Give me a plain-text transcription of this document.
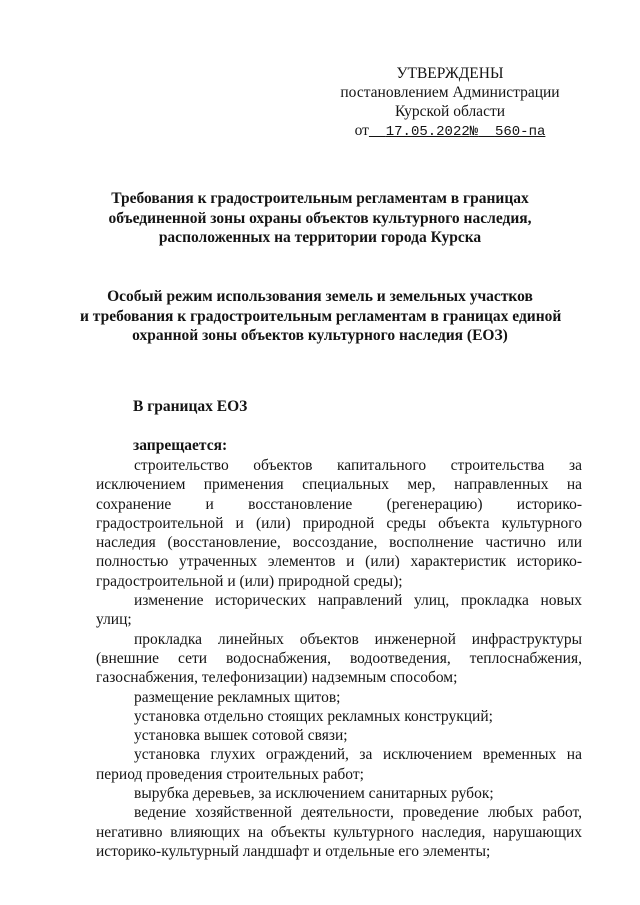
УТВЕРЖДЕНЫ
постановлением Администрации
Курской области
от 17.05.2022№ 560-па
Требования к градостроительным регламентам в границах
объединенной зоны охраны объектов культурного наследия,
расположенных на территории города Курска
Особый режим использования земель и земельных участков
и требования к градостроительным регламентам в границах единой
охранной зоны объектов культурного наследия (ЕОЗ)
В границах ЕОЗ
запрещается:

строительство объектов капитального строительства за исключением применения специальных мер, направленных на сохранение и восстановление (регенерацию) историко-градостроительной и (или) природной среды объекта культурного наследия (восстановление, воссоздание, восполнение частично или полностью утраченных элементов и (или) характеристик историко-градостроительной и (или) природной среды);

изменение исторических направлений улиц, прокладка новых улиц;

прокладка линейных объектов инженерной инфраструктуры (внешние сети водоснабжения, водоотведения, теплоснабжения, газоснабжения, телефонизации) надземным способом;

размещение рекламных щитов;

установка отдельно стоящих рекламных конструкций;

установка вышек сотовой связи;

установка глухих ограждений, за исключением временных на период проведения строительных работ;

вырубка деревьев, за исключением санитарных рубок;

ведение хозяйственной деятельности, проведение любых работ, негативно влияющих на объекты культурного наследия, нарушающих историко-культурный ландшафт и отдельные его элементы;
